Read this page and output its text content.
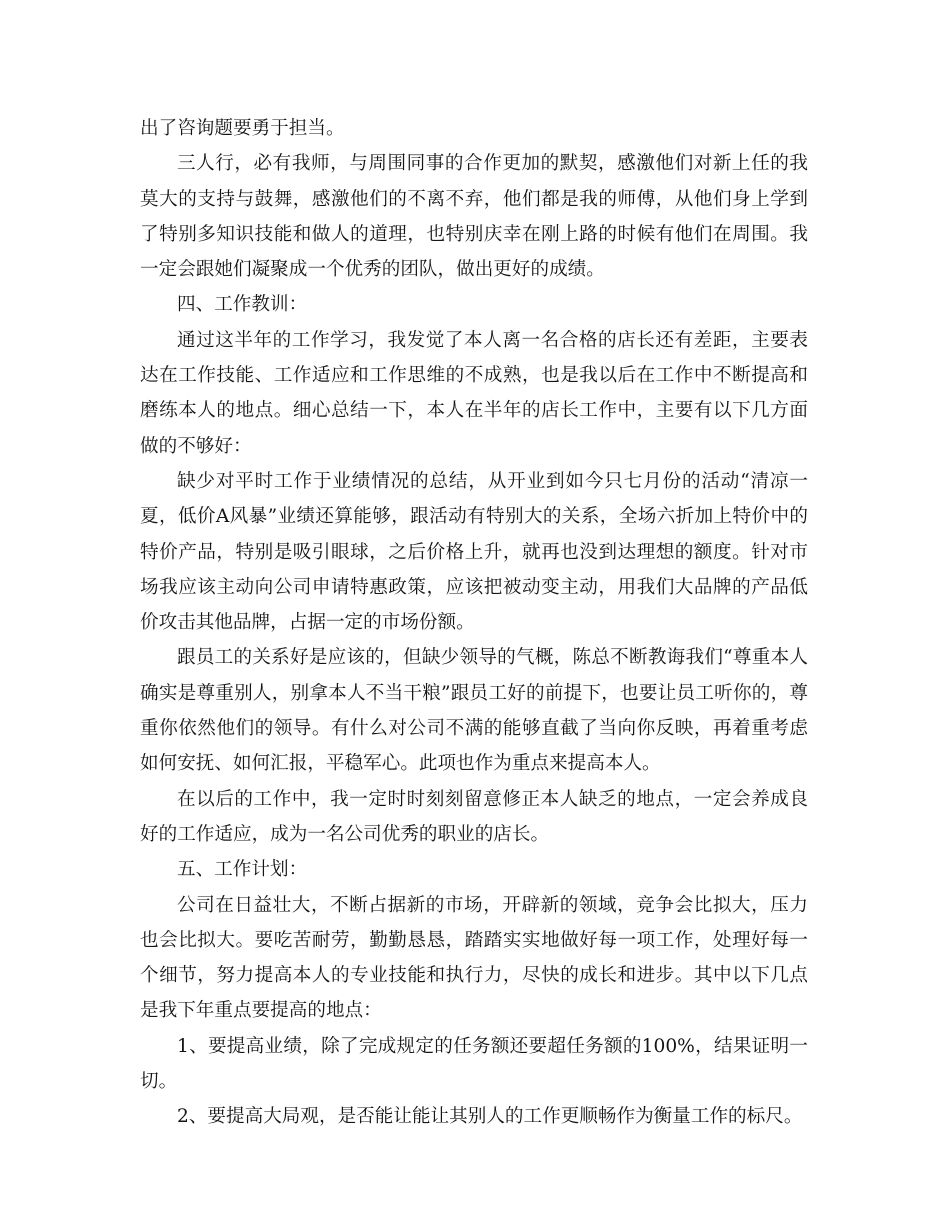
出了咨询题要勇于担当。

三人行，必有我师，与周围同事的合作更加的默契，感激他们对新上任的我莫大的支持与鼓舞，感激他们的不离不弃，他们都是我的师傅，从他们身上学到了特别多知识技能和做人的道理，也特别庆幸在刚上路的时候有他们在周围。我一定会跟她们凝聚成一个优秀的团队，做出更好的成绩。

四、工作教训：

通过这半年的工作学习，我发觉了本人离一名合格的店长还有差距，主要表达在工作技能、工作适应和工作思维的不成熟，也是我以后在工作中不断提高和磨练本人的地点。细心总结一下，本人在半年的店长工作中，主要有以下几方面做的不够好：

缺少对平时工作于业绩情况的总结，从开业到如今只七月份的活动“清凉一夏，低价A风暴”业绩还算能够，跟活动有特别大的关系，全场六折加上特价中的特价产品，特别是吸引眼球，之后价格上升，就再也没到达理想的额度。针对市场我应该主动向公司申请特惠政策，应该把被动变主动，用我们大品牌的产品低价攻击其他品牌，占据一定的市场份额。

跟员工的关系好是应该的，但缺少领导的气概，陈总不断教诲我们“尊重本人确实是尊重别人，别拿本人不当干粮”跟员工好的前提下，也要让员工听你的，尊重你依然他们的领导。有什么对公司不满的能够直截了当向你反映，再着重考虑如何安抚、如何汇报，平稳军心。此项也作为重点来提高本人。

在以后的工作中，我一定时时刻刻留意修正本人缺乏的地点，一定会养成良好的工作适应，成为一名公司优秀的职业的店长。

五、工作计划：

公司在日益壮大，不断占据新的市场，开辟新的领域，竞争会比拟大，压力也会比拟大。要吃苦耐劳，勤勤恳恳，踏踏实实地做好每一项工作，处理好每一个细节，努力提高本人的专业技能和执行力，尽快的成长和进步。其中以下几点是我下年重点要提高的地点：

1、要提高业绩，除了完成规定的任务额还要超任务额的100%，结果证明一切。

2、要提高大局观，是否能让能让其别人的工作更顺畅作为衡量工作的标尺。
